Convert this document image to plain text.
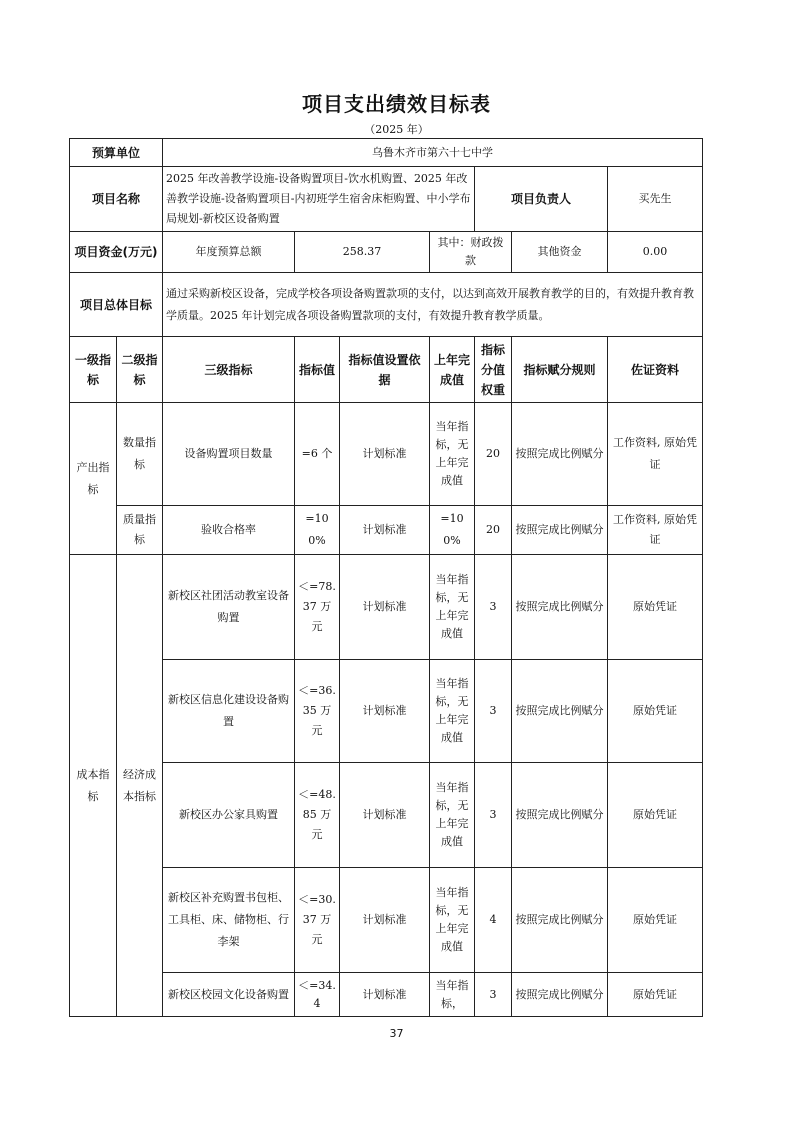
项目支出绩效目标表
（2025 年）
预算单位		乌鲁木齐市第六十七中学						
项目名称		2025 年改善教学设施-设备购置项目-饮水机购置、2025 年改善教学设施-设备购置项目-内初班学生宿舍床柜购置、中小学布局规划-新校区设备购置				项目负责人		买先生
项目资金(万元)		年度预算总额	258.37		其中：财政拨款		其他资金	0.00
项目总体目标		通过采购新校区设备，完成学校各项设备购置款项的支付，以达到高效开展教育教学的目的，有效提升教育教学质量。2025 年计划完成各项设备购置款项的支付，有效提升教育教学质量。						
一级指标	二级指标	三级指标	指标值	指标值设置依据	上年完成值	指标分值权重	指标赋分规则	佐证资料
产出指标	数量指标	设备购置项目数量	=6 个	计划标准	当年指标，无上年完成值	20	按照完成比例赋分	工作资料, 原始凭证
	质量指标	验收合格率	=100%	计划标准	=100%	20	按照完成比例赋分	工作资料, 原始凭证
成本指标	经济成本指标	新校区社团活动教室设备购置	＜=78.37 万元	计划标准	当年指标，无上年完成值	3	按照完成比例赋分	原始凭证
		新校区信息化建设设备购置	＜=36.35 万元	计划标准	当年指标，无上年完成值	3	按照完成比例赋分	原始凭证
		新校区办公家具购置	＜=48.85 万元	计划标准	当年指标，无上年完成值	3	按照完成比例赋分	原始凭证
		新校区补充购置书包柜、工具柜、床、储物柜、行李架	＜=30.37 万元	计划标准	当年指标，无上年完成值	4	按照完成比例赋分	原始凭证
		新校区校园文化设备购置	＜=34.4	计划标准	当年指标，	3	按照完成比例赋分	原始凭证
37
